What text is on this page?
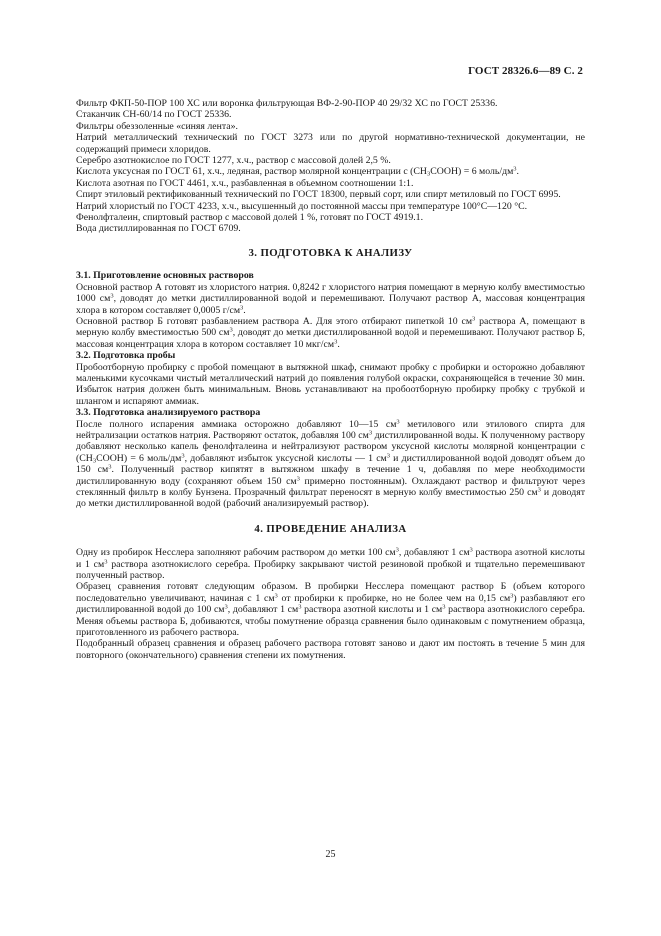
ГОСТ 28326.6—89 С. 2

Фильтр ФКП-50-ПОР 100 ХС или воронка фильтрующая ВФ-2-90-ПОР 40 29/32 ХС по ГОСТ 25336.

Стаканчик СН-60/14 по ГОСТ 25336.

Фильтры обеззоленные «синяя лента».

Натрий металлический технический по ГОСТ 3273 или по другой нормативно-технической документации, не содержащий примеси хлоридов.

Серебро азотнокислое по ГОСТ 1277, х.ч., раствор с массовой долей 2,5 %.

Кислота уксусная по ГОСТ 61, х.ч., ледяная, раствор молярной концентрации c $(CH_3COOH) = 6$ моль/$дм^3$.

Кислота азотная по ГОСТ 4461, х.ч., разбавленная в объемном соотношении 1:1.

Спирт этиловый ректификованный технический по ГОСТ 18300, первый сорт, или спирт метиловый по ГОСТ 6995.

Натрий хлористый по ГОСТ 4233, х.ч., высушенный до постоянной массы при температуре 100°С—120 °С.

Фенолфталеин, спиртовый раствор с массовой долей 1 %, готовят по ГОСТ 4919.1.

Вода дистиллированная по ГОСТ 6709.

3. ПОДГОТОВКА К АНАЛИЗУ

3.1. Приготовление основных растворов

Основной раствор А готовят из хлористого натрия. 0,8242 г хлористого натрия помещают в мерную колбу вместимостью 1000 $см^3$, доводят до метки дистиллированной водой и перемешивают. Получают раствор А, массовая концентрация хлора в котором составляет 0,0005 $г/см^3$.

Основной раствор Б готовят разбавлением раствора А. Для этого отбирают пипеткой 10 $см^3$ раствора А, помещают в мерную колбу вместимостью 500 $см^3$, доводят до метки дистиллированной водой и перемешивают. Получают раствор Б, массовая концентрация хлора в котором составляет 10 мкг/$см^3$.

3.2. Подготовка пробы

Пробоотборную пробирку с пробой помещают в вытяжной шкаф, снимают пробку с пробирки и осторожно добавляют маленькими кусочками чистый металлический натрий до появления голубой окраски, сохраняющейся в течение 30 мин. Избыток натрия должен быть минимальным. Вновь устанавливают на пробоотборную пробирку пробку с трубкой и шлангом и испаряют аммиак.

3.3. Подготовка анализируемого раствора

После полного испарения аммиака осторожно добавляют 10—15 $см^3$ метилового или этилового спирта для нейтрализации остатков натрия. Растворяют остаток, добавляя 100 $см^3$ дистиллированной воды. К полученному раствору добавляют несколько капель фенолфталеина и нейтрализуют раствором уксусной кислоты молярной концентрации c $(CH_3COOH) = 6$ моль/$дм^3$, добавляют избыток уксусной кислоты — 1 $см^3$ и дистиллированной водой доводят объем до 150 $см^3$. Полученный раствор кипятят в вытяжном шкафу в течение 1 ч, добавляя по мере необходимости дистиллированную воду (сохраняют объем 150 $см^3$ примерно постоянным). Охлаждают раствор и фильтруют через стеклянный фильтр в колбу Бунзена. Прозрачный фильтрат переносят в мерную колбу вместимостью 250 $см^3$ и доводят до метки дистиллированной водой (рабочий анализируемый раствор).

4. ПРОВЕДЕНИЕ АНАЛИЗА

Одну из пробирок Несслера заполняют рабочим раствором до метки 100 $см^3$, добавляют 1 $см^3$ раствора азотной кислоты и 1 $см^3$ раствора азотнокислого серебра. Пробирку закрывают чистой резиновой пробкой и тщательно перемешивают полученный раствор.

Образец сравнения готовят следующим образом. В пробирки Несслера помещают раствор Б (объем которого последовательно увеличивают, начиная с 1 $см^3$ от пробирки к пробирке, но не более чем на 0,15 $см^3$) разбавляют его дистиллированной водой до 100 $см^3$, добавляют 1 $см^3$ раствора азотной кислоты и 1 $см^3$ раствора азотнокислого серебра. Меняя объемы раствора Б, добиваются, чтобы помутнение образца сравнения было одинаковым с помутнением образца, приготовленного из рабочего раствора.

Подобранный образец сравнения и образец рабочего раствора готовят заново и дают им постоять в течение 5 мин для повторного (окончательного) сравнения степени их помутнения.

25
